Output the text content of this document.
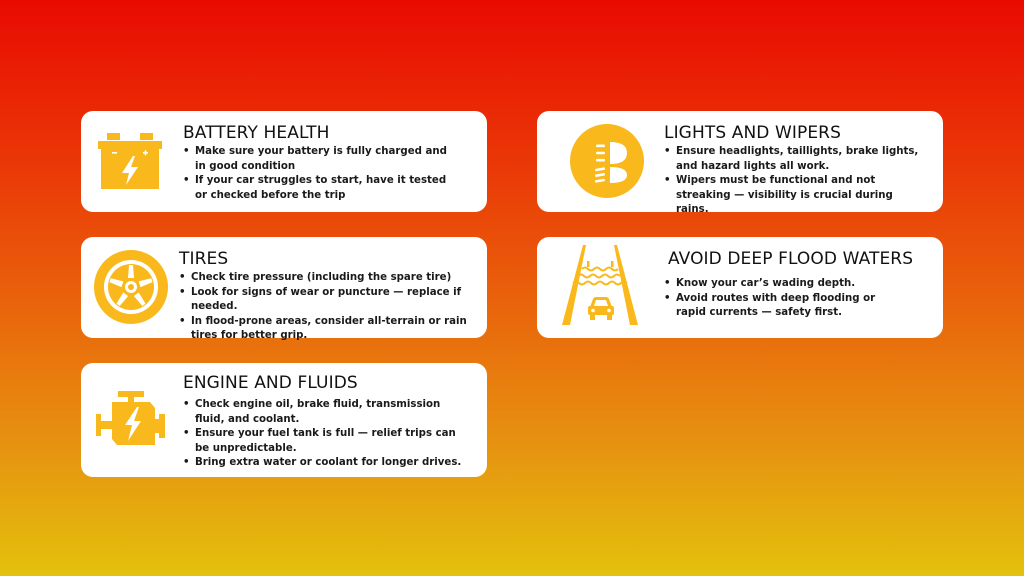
BATTERY HEALTH
• Make sure your battery is fully charged and in good condition
• If your car struggles to start, have it tested or checked before the trip
TIRES
• Check tire pressure (including the spare tire)
• Look for signs of wear or puncture — replace if needed.
• In flood-prone areas, consider all-terrain or rain tires for better grip.
ENGINE AND FLUIDS
• Check engine oil, brake fluid, transmission fluid, and coolant.
• Ensure your fuel tank is full — relief trips can be unpredictable.
• Bring extra water or coolant for longer drives.
LIGHTS AND WIPERS
• Ensure headlights, taillights, brake lights, and hazard lights all work.
• Wipers must be functional and not streaking — visibility is crucial during rains.
AVOID DEEP FLOOD WATERS
• Know your car’s wading depth.
• Avoid routes with deep flooding or rapid currents — safety first.
